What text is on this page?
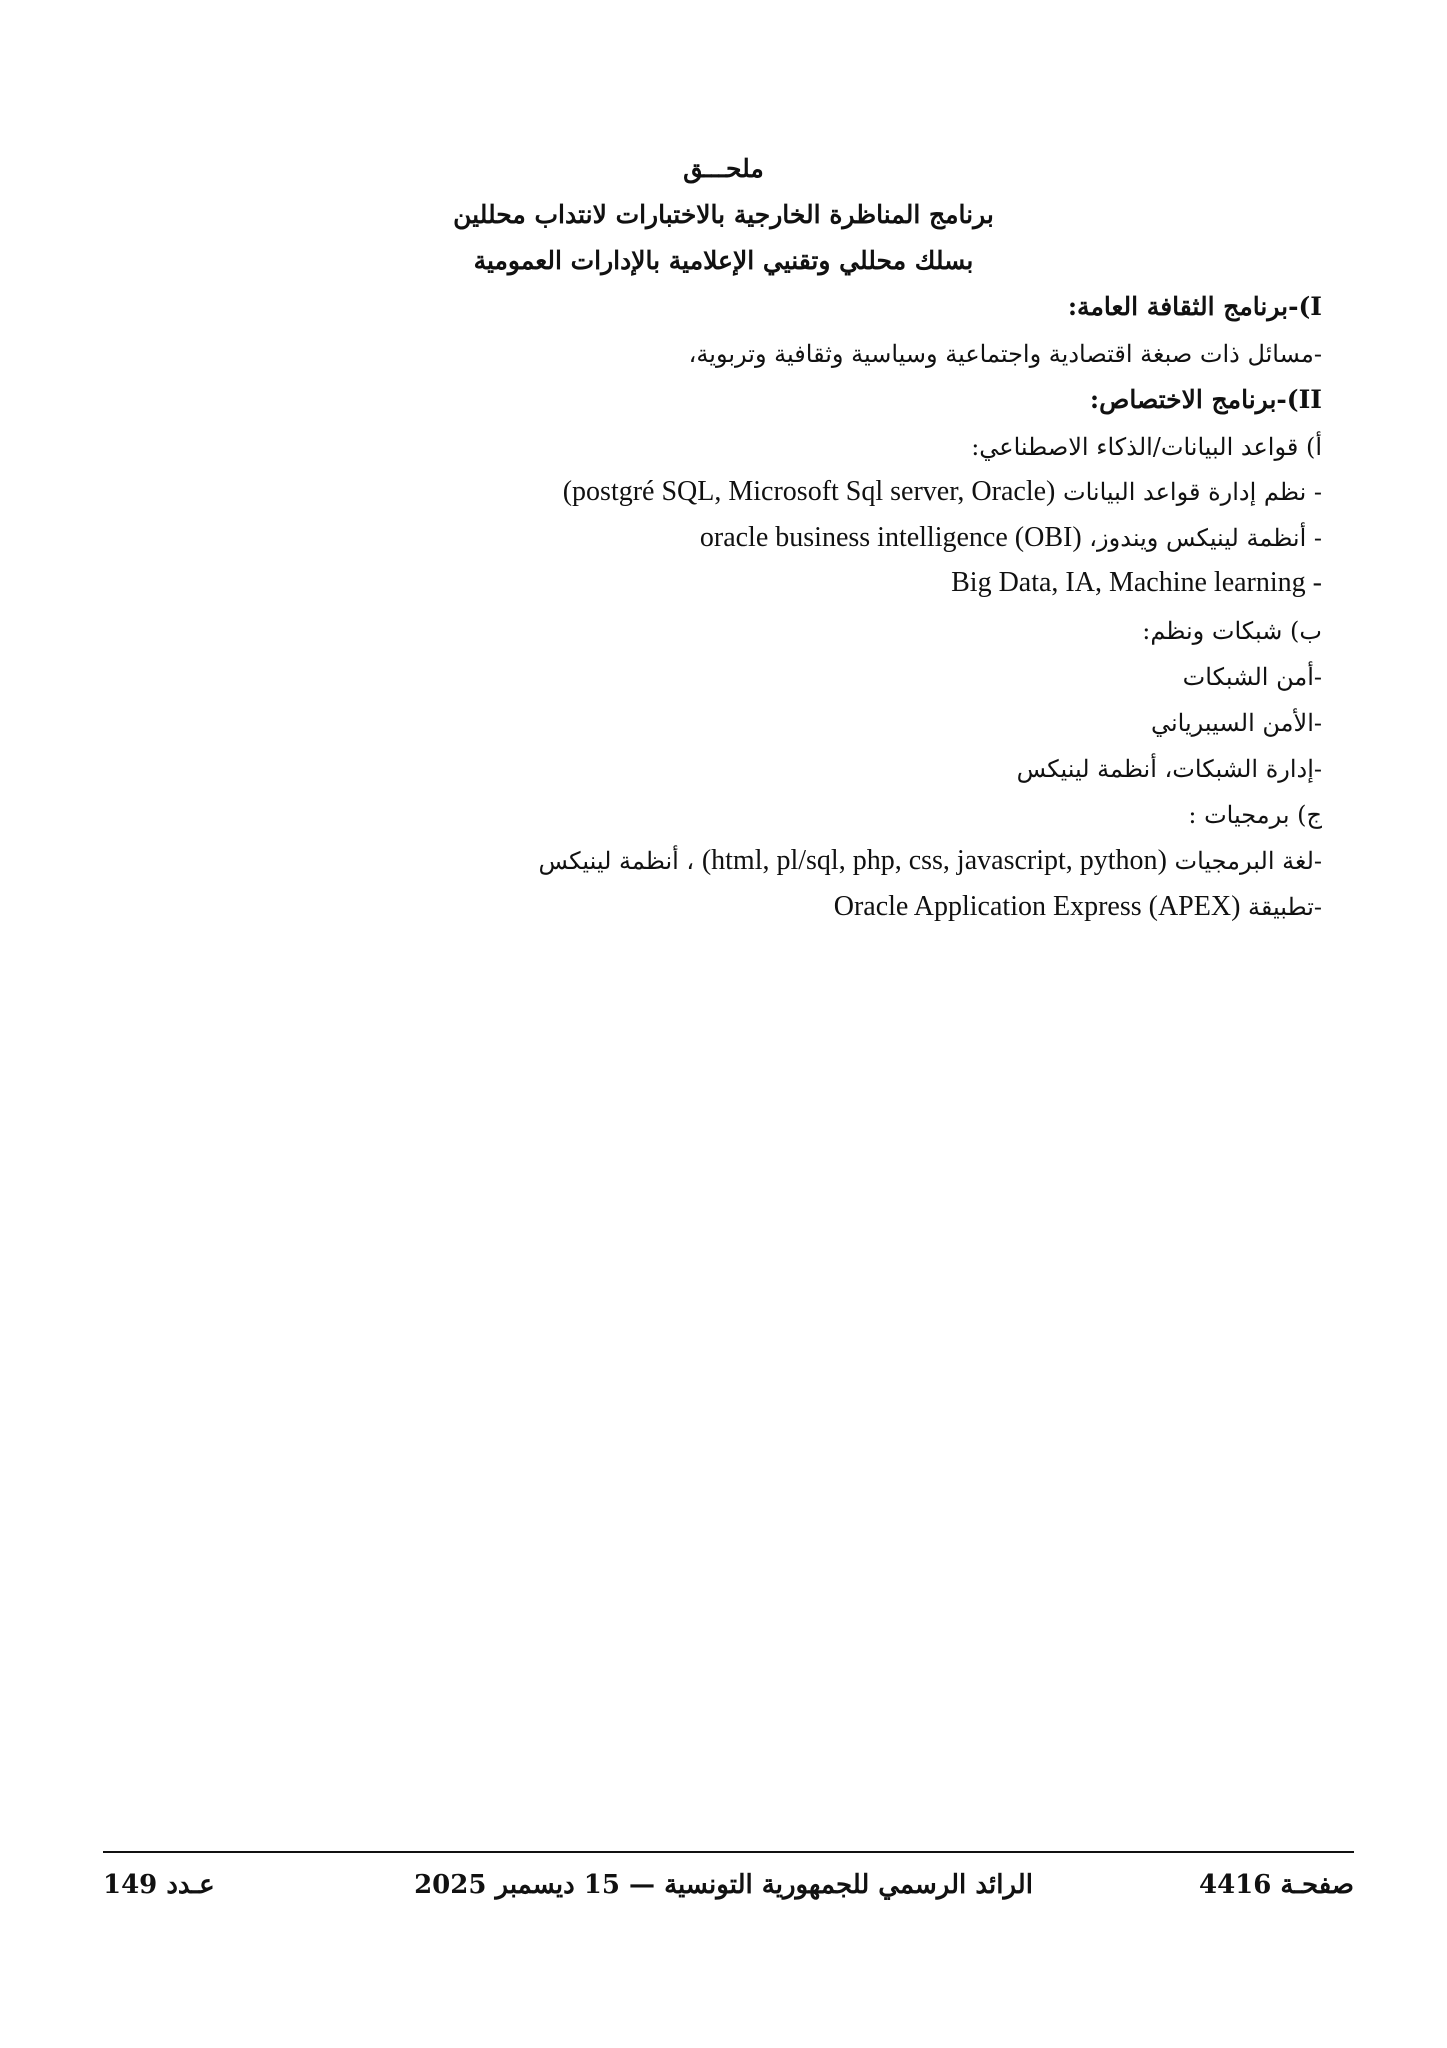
ملحـــق
برنامج المناظرة الخارجية بالاختبارات لانتداب محللين
بسلك محللي وتقنيي الإعلامية بالإدارات العمومية
I)-برنامج الثقافة العامة:
-مسائل ذات صبغة اقتصادية واجتماعية وسياسية وثقافية وتربوية،
II)-برنامج الاختصاص:
أ) قواعد البيانات/الذكاء الاصطناعي:
- نظم إدارة قواعد البيانات (postgré SQL, Microsoft Sql server, Oracle)
- أنظمة لينيكس ويندوز، (OBI) oracle business intelligence
- Big Data, IA, Machine learning
ب) شبكات ونظم:
-أمن الشبكات
-الأمن السيبرياني
-إدارة الشبكات، أنظمة لينيكس
ج) برمجيات :
-لغة البرمجيات (html, pl/sql, php, css, javascript, python) ، أنظمة لينيكس
-تطبيقة Oracle Application Express (APEX)
صفحـة 4416
الرائد الرسمي للجمهورية التونسية — 15 ديسمبر 2025
عـدد 149
